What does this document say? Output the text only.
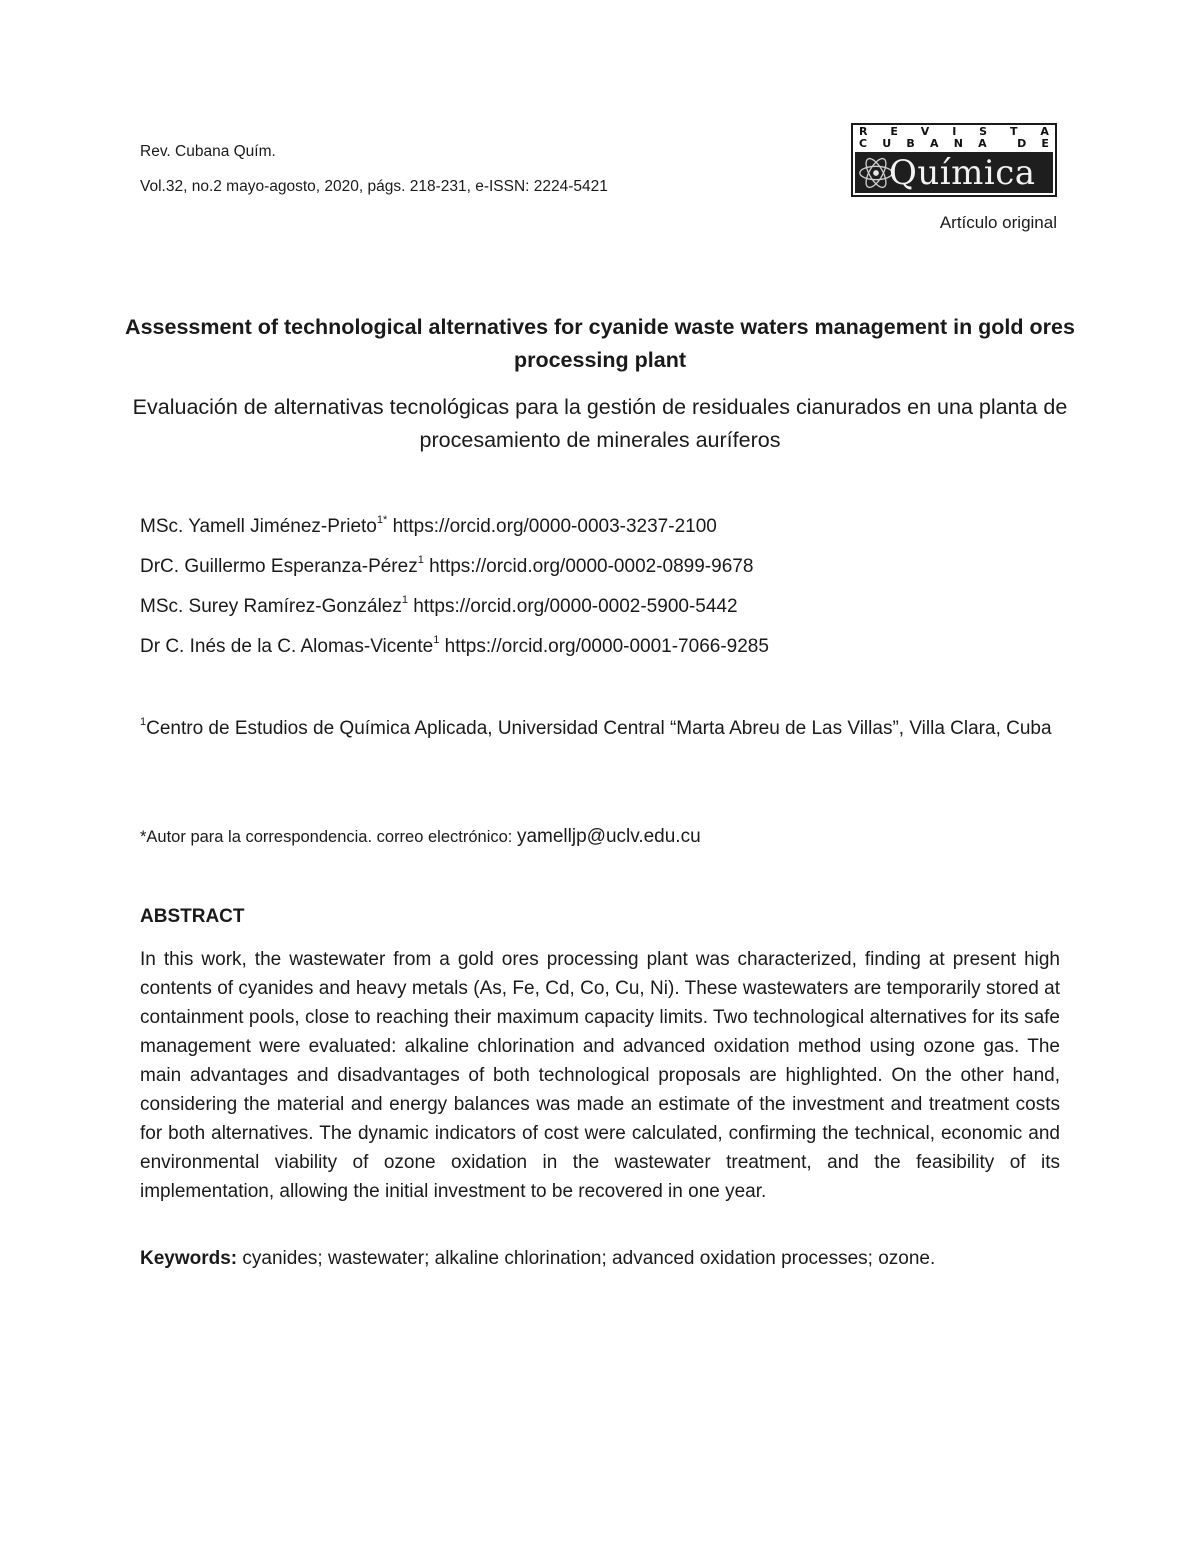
Rev. Cubana Quím.
Vol.32, no.2 mayo-agosto, 2020, págs. 218-231, e-ISSN: 2224-5421
R E V I S T A
C U B A N A	D E
Química
Artículo original
Assessment of technological alternatives for cyanide waste waters management in gold ores processing plant
Evaluación de alternativas tecnológicas para la gestión de residuales cianurados en una planta de procesamiento de minerales auríferos
MSc. Yamell Jiménez-Prieto$^{1*}$ https://orcid.org/0000-0003-3237-2100
DrC. Guillermo Esperanza-Pérez$^1$ https://orcid.org/0000-0002-0899-9678
MSc. Surey Ramírez-González$^1$ https://orcid.org/0000-0002-5900-5442
Dr C. Inés de la C. Alomas-Vicente$^1$ https://orcid.org/0000-0001-7066-9285
$^1$Centro de Estudios de Química Aplicada, Universidad Central “Marta Abreu de Las Villas”, Villa Clara, Cuba
*Autor para la correspondencia. correo electrónico: yamelljp@uclv.edu.cu
ABSTRACT
In this work, the wastewater from a gold ores processing plant was characterized, finding at present high contents of cyanides and heavy metals (As, Fe, Cd, Co, Cu, Ni). These wastewaters are temporarily stored at containment pools, close to reaching their maximum capacity limits. Two technological alternatives for its safe management were evaluated: alkaline chlorination and advanced oxidation method using ozone gas. The main advantages and disadvantages of both technological proposals are highlighted. On the other hand, considering the material and energy balances was made an estimate of the investment and treatment costs for both alternatives. The dynamic indicators of cost were calculated, confirming the technical, economic and environmental viability of ozone oxidation in the wastewater treatment, and the feasibility of its implementation, allowing the initial investment to be recovered in one year.
Keywords: cyanides; wastewater; alkaline chlorination; advanced oxidation processes; ozone.
